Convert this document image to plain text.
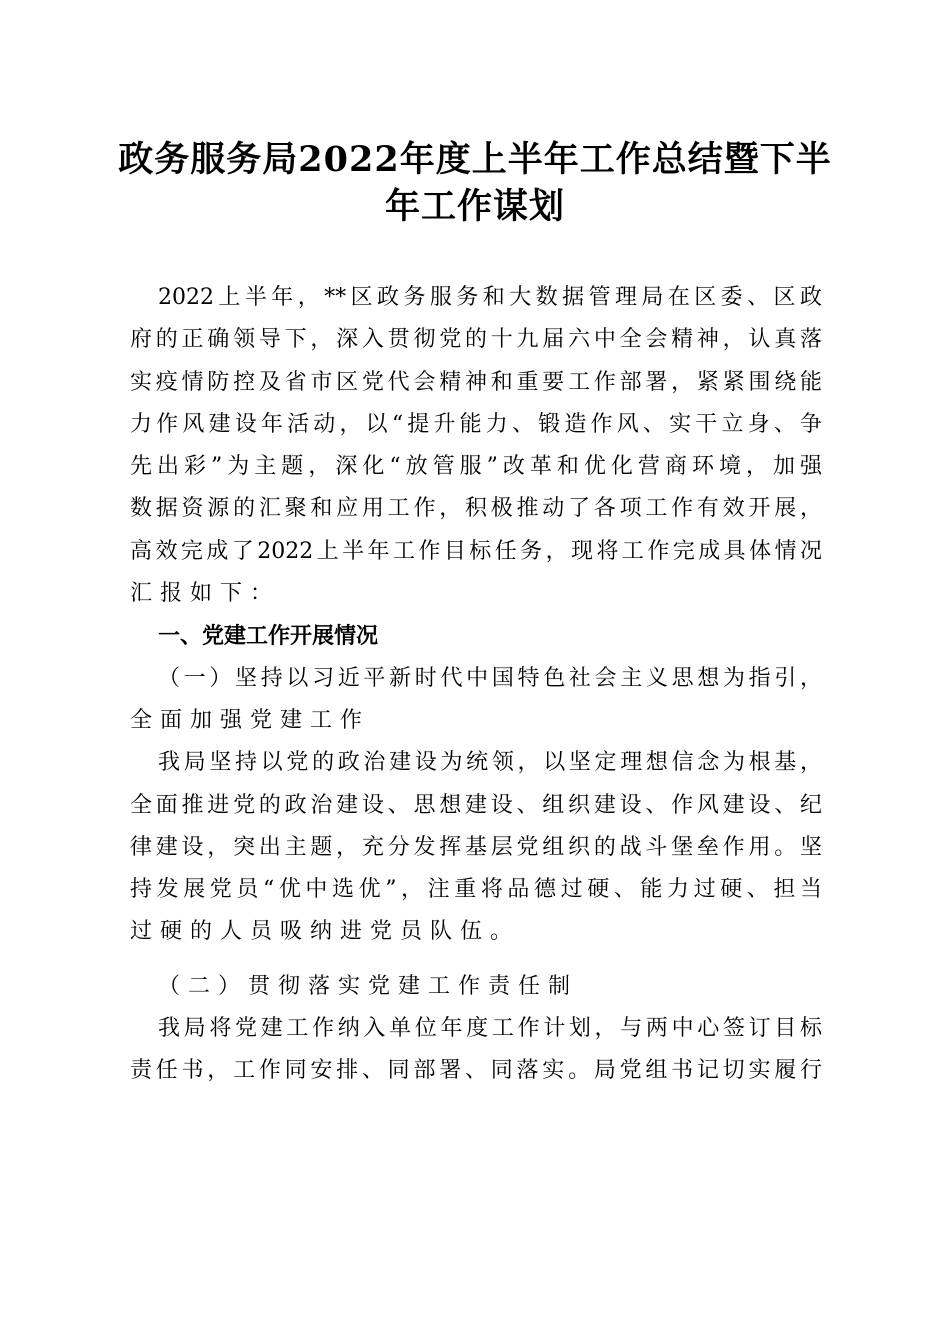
政务服务局2022年度上半年工作总结暨下半
年工作谋划
2022上半年，**区政务服务和大数据管理局在区委、区政
府的正确领导下，深入贯彻党的十九届六中全会精神，认真落
实疫情防控及省市区党代会精神和重要工作部署，紧紧围绕能
力作风建设年活动，以“提升能力、锻造作风、实干立身、争
先出彩”为主题，深化“放管服”改革和优化营商环境，加强
数据资源的汇聚和应用工作，积极推动了各项工作有效开展，
高效完成了2022上半年工作目标任务，现将工作完成具体情况
汇报如下：
一、党建工作开展情况
（一）坚持以习近平新时代中国特色社会主义思想为指引，
全面加强党建工作
我局坚持以党的政治建设为统领，以坚定理想信念为根基，
全面推进党的政治建设、思想建设、组织建设、作风建设、纪
律建设，突出主题，充分发挥基层党组织的战斗堡垒作用。坚
持发展党员“优中选优”，注重将品德过硬、能力过硬、担当
过硬的人员吸纳进党员队伍。
（二）贯彻落实党建工作责任制
我局将党建工作纳入单位年度工作计划，与两中心签订目标
责任书，工作同安排、同部署、同落实。局党组书记切实履行
